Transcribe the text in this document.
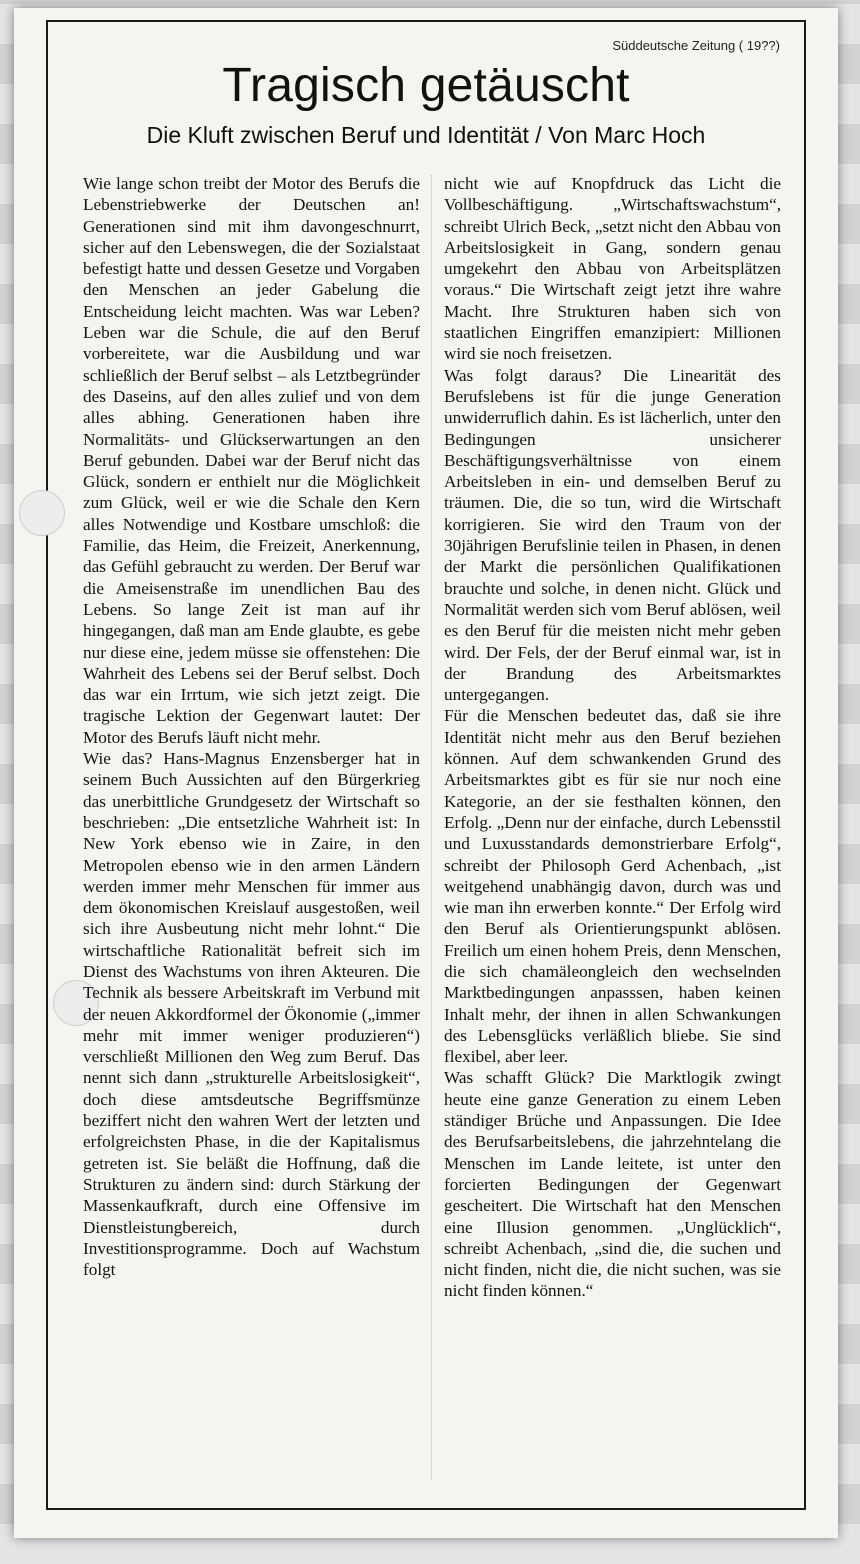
Süddeutsche Zeitung ( 19??)
Tragisch getäuscht
Die Kluft zwischen Beruf und Identität / Von Marc Hoch

Wie lange schon treibt der Motor des Berufs die Lebenstriebwerke der Deutschen an! Generationen sind mit ihm davongeschnurrt, sicher auf den Lebenswegen, die der Sozialstaat befestigt hatte und dessen Gesetze und Vorgaben den Menschen an jeder Gabelung die Entscheidung leicht machten. Was war Leben? Leben war die Schule, die auf den Beruf vorbereitete, war die Ausbildung und war schließlich der Beruf selbst – als Letztbegründer des Daseins, auf den alles zulief und von dem alles abhing. Generationen haben ihre Normalitäts- und Glückserwartungen an den Beruf gebunden. Dabei war der Beruf nicht das Glück, sondern er enthielt nur die Möglichkeit zum Glück, weil er wie die Schale den Kern alles Notwendige und Kostbare umschloß: die Familie, das Heim, die Freizeit, Anerkennung, das Gefühl gebraucht zu werden. Der Beruf war die Ameisenstraße im unendlichen Bau des Lebens. So lange Zeit ist man auf ihr hingegangen, daß man am Ende glaubte, es gebe nur diese eine, jedem müsse sie offenstehen: Die Wahrheit des Lebens sei der Beruf selbst. Doch das war ein Irrtum, wie sich jetzt zeigt. Die tragische Lektion der Gegenwart lautet: Der Motor des Berufs läuft nicht mehr.

Wie das? Hans-Magnus Enzensberger hat in seinem Buch Aussichten auf den Bürgerkrieg das unerbittliche Grundgesetz der Wirtschaft so beschrieben: „Die entsetzliche Wahrheit ist: In New York ebenso wie in Zaire, in den Metropolen ebenso wie in den armen Ländern werden immer mehr Menschen für immer aus dem ökonomischen Kreislauf ausgestoßen, weil sich ihre Ausbeutung nicht mehr lohnt.“ Die wirtschaftliche Rationalität befreit sich im Dienst des Wachstums von ihren Akteuren. Die Technik als bessere Arbeitskraft im Verbund mit der neuen Akkordformel der Ökonomie („immer mehr mit immer weniger produzieren“) verschließt Millionen den Weg zum Beruf. Das nennt sich dann „strukturelle Arbeitslosigkeit“, doch diese amtsdeutsche Begriffsmünze beziffert nicht den wahren Wert der letzten und erfolgreichsten Phase, in die der Kapitalismus getreten ist. Sie beläßt die Hoffnung, daß die Strukturen zu ändern sind: durch Stärkung der Massenkaufkraft, durch eine Offensive im Dienstleistungbereich, durch Investitionsprogramme. Doch auf Wachstum folgt

nicht wie auf Knopfdruck das Licht die Vollbeschäftigung. „Wirtschaftswachstum“, schreibt Ulrich Beck, „setzt nicht den Abbau von Arbeitslosigkeit in Gang, sondern genau umgekehrt den Abbau von Arbeitsplätzen voraus.“ Die Wirtschaft zeigt jetzt ihre wahre Macht. Ihre Strukturen haben sich von staatlichen Eingriffen emanzipiert: Millionen wird sie noch freisetzen.

Was folgt daraus? Die Linearität des Berufslebens ist für die junge Generation unwiderruflich dahin. Es ist lächerlich, unter den Bedingungen unsicherer Beschäftigungsverhältnisse von einem Arbeitsleben in ein- und demselben Beruf zu träumen. Die, die so tun, wird die Wirtschaft korrigieren. Sie wird den Traum von der 30jährigen Berufslinie teilen in Phasen, in denen der Markt die persönlichen Qualifikationen brauchte und solche, in denen nicht. Glück und Normalität werden sich vom Beruf ablösen, weil es den Beruf für die meisten nicht mehr geben wird. Der Fels, der der Beruf einmal war, ist in der Brandung des Arbeitsmarktes untergegangen.

Für die Menschen bedeutet das, daß sie ihre Identität nicht mehr aus den Beruf beziehen können. Auf dem schwankenden Grund des Arbeitsmarktes gibt es für sie nur noch eine Kategorie, an der sie festhalten können, den Erfolg. „Denn nur der einfache, durch Lebensstil und Luxusstandards demonstrierbare Erfolg“, schreibt der Philosoph Gerd Achenbach, „ist weitgehend unabhängig davon, durch was und wie man ihn erwerben konnte.“ Der Erfolg wird den Beruf als Orientierungspunkt ablösen. Freilich um einen hohem Preis, denn Menschen, die sich chamäleongleich den wechselnden Marktbedingungen anpasssen, haben keinen Inhalt mehr, der ihnen in allen Schwankungen des Lebensglücks verläßlich bliebe. Sie sind flexibel, aber leer.

Was schafft Glück? Die Marktlogik zwingt heute eine ganze Generation zu einem Leben ständiger Brüche und Anpassungen. Die Idee des Berufsarbeitslebens, die jahrzehntelang die Menschen im Lande leitete, ist unter den forcierten Bedingungen der Gegenwart gescheitert. Die Wirtschaft hat den Menschen eine Illusion genommen. „Unglücklich“, schreibt Achenbach, „sind die, die suchen und nicht finden, nicht die, die nicht suchen, was sie nicht finden können.“
